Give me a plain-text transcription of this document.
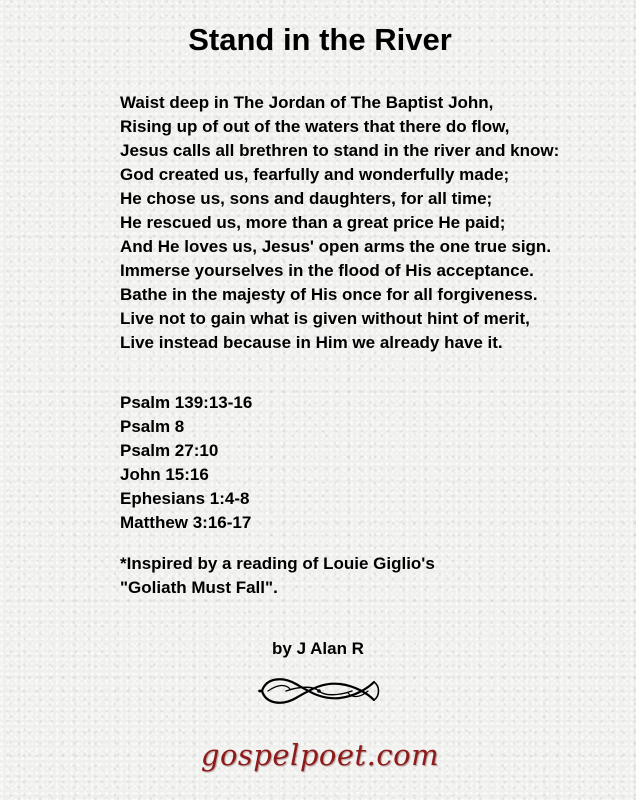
Stand in the River
Waist deep in The Jordan of The Baptist John,
Rising up of out of the waters that there do flow,
Jesus calls all brethren to stand in the river and know:
God created us, fearfully and wonderfully made;
He chose us, sons and daughters, for all time;
He rescued us, more than a great price He paid;
And He loves us, Jesus' open arms the one true sign.
Immerse yourselves in the flood of His acceptance.
Bathe in the majesty of His once for all forgiveness.
Live not to gain what is given without hint of merit,
Live instead because in Him we already have it.
Psalm 139:13-16
Psalm 8
Psalm 27:10
John 15:16
Ephesians 1:4-8
Matthew 3:16-17
*Inspired by a reading of Louie Giglio's
"Goliath Must Fall".
by J Alan R
gospelpoet.com
